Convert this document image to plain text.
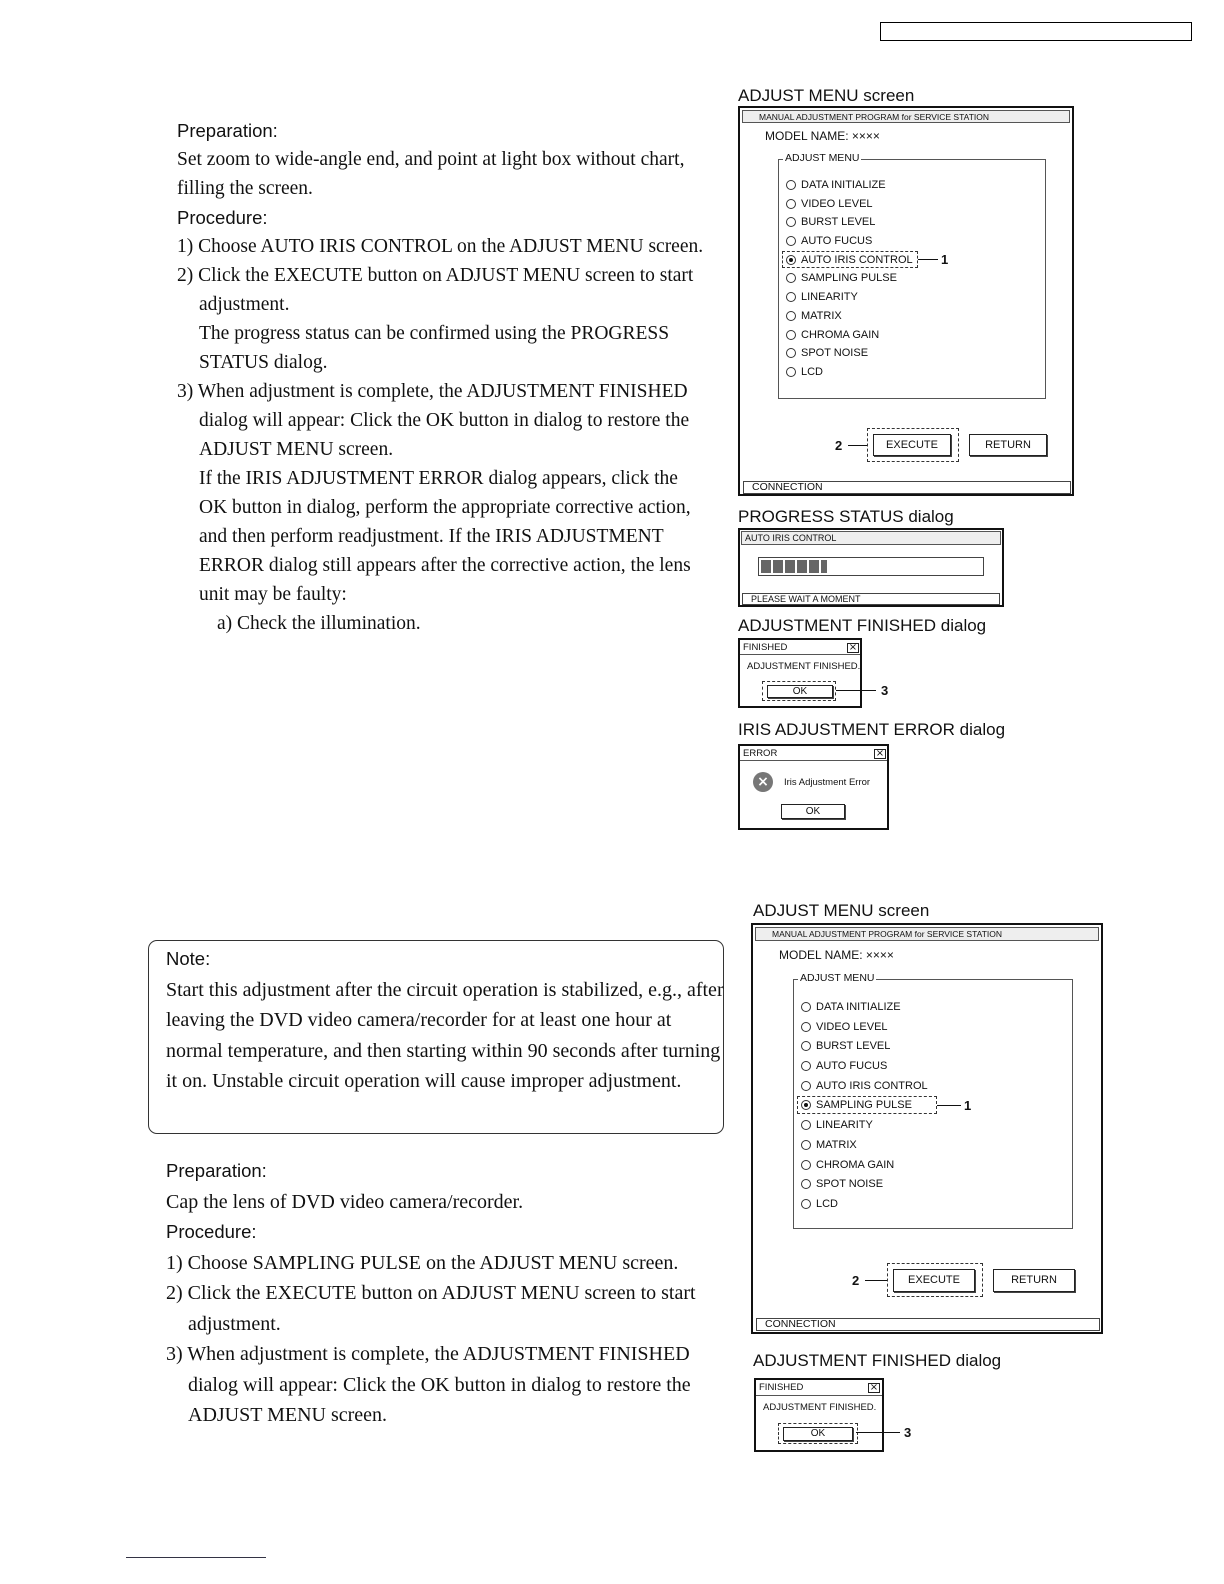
Preparation:
Set zoom to wide-angle end, and point at light box without chart, filling the screen.
Procedure:
1) Choose AUTO IRIS CONTROL on the ADJUST MENU screen.
2) Click the EXECUTE button on ADJUST MENU screen to start adjustment.
The progress status can be confirmed using the PROGRESS STATUS dialog.
3) When adjustment is complete, the ADJUSTMENT FINISHED dialog will appear: Click the OK button in dialog to restore the ADJUST MENU screen.
If the IRIS ADJUSTMENT ERROR dialog appears, click the OK button in dialog, perform the appropriate corrective action, and then perform readjustment. If the IRIS ADJUSTMENT ERROR dialog still appears after the corrective action, the lens unit may be faulty:
a) Check the illumination.
ADJUST MENU screen
MANUAL ADJUSTMENT PROGRAM for SERVICE STATION
MODEL NAME: ××××
ADJUST MENU
DATA INITIALIZE
VIDEO LEVEL
BURST LEVEL
AUTO FUCUS
AUTO IRIS CONTROL
SAMPLING PULSE
LINEARITY
MATRIX
CHROMA GAIN
SPOT NOISE
LCD
1
EXECUTE	RETURN
2
CONNECTION
PROGRESS STATUS dialog
AUTO IRIS CONTROL
PLEASE WAIT A MOMENT
ADJUSTMENT FINISHED dialog
FINISHED	×
ADJUSTMENT FINISHED.
OK	3
IRIS ADJUSTMENT ERROR dialog
ERROR	×
×	Iris Adjustment Error
OK
Note:
Start this adjustment after the circuit operation is stabilized, e.g., after leaving the DVD video camera/recorder for at least one hour at normal temperature, and then starting within 90 seconds after turning it on. Unstable circuit operation will cause improper adjustment.
Preparation:
Cap the lens of DVD video camera/recorder.
Procedure:
1) Choose SAMPLING PULSE on the ADJUST MENU screen.
2) Click the EXECUTE button on ADJUST MENU screen to start adjustment.
3) When adjustment is complete, the ADJUSTMENT FINISHED dialog will appear: Click the OK button in dialog to restore the ADJUST MENU screen.
ADJUST MENU screen
MANUAL ADJUSTMENT PROGRAM for SERVICE STATION
MODEL NAME: ××××
ADJUST MENU
DATA INITIALIZE
VIDEO LEVEL
BURST LEVEL
AUTO FUCUS
AUTO IRIS CONTROL
SAMPLING PULSE
LINEARITY
MATRIX
CHROMA GAIN
SPOT NOISE
LCD
1
EXECUTE	RETURN
2
CONNECTION
ADJUSTMENT FINISHED dialog
FINISHED	×
ADJUSTMENT FINISHED.
OK	3
